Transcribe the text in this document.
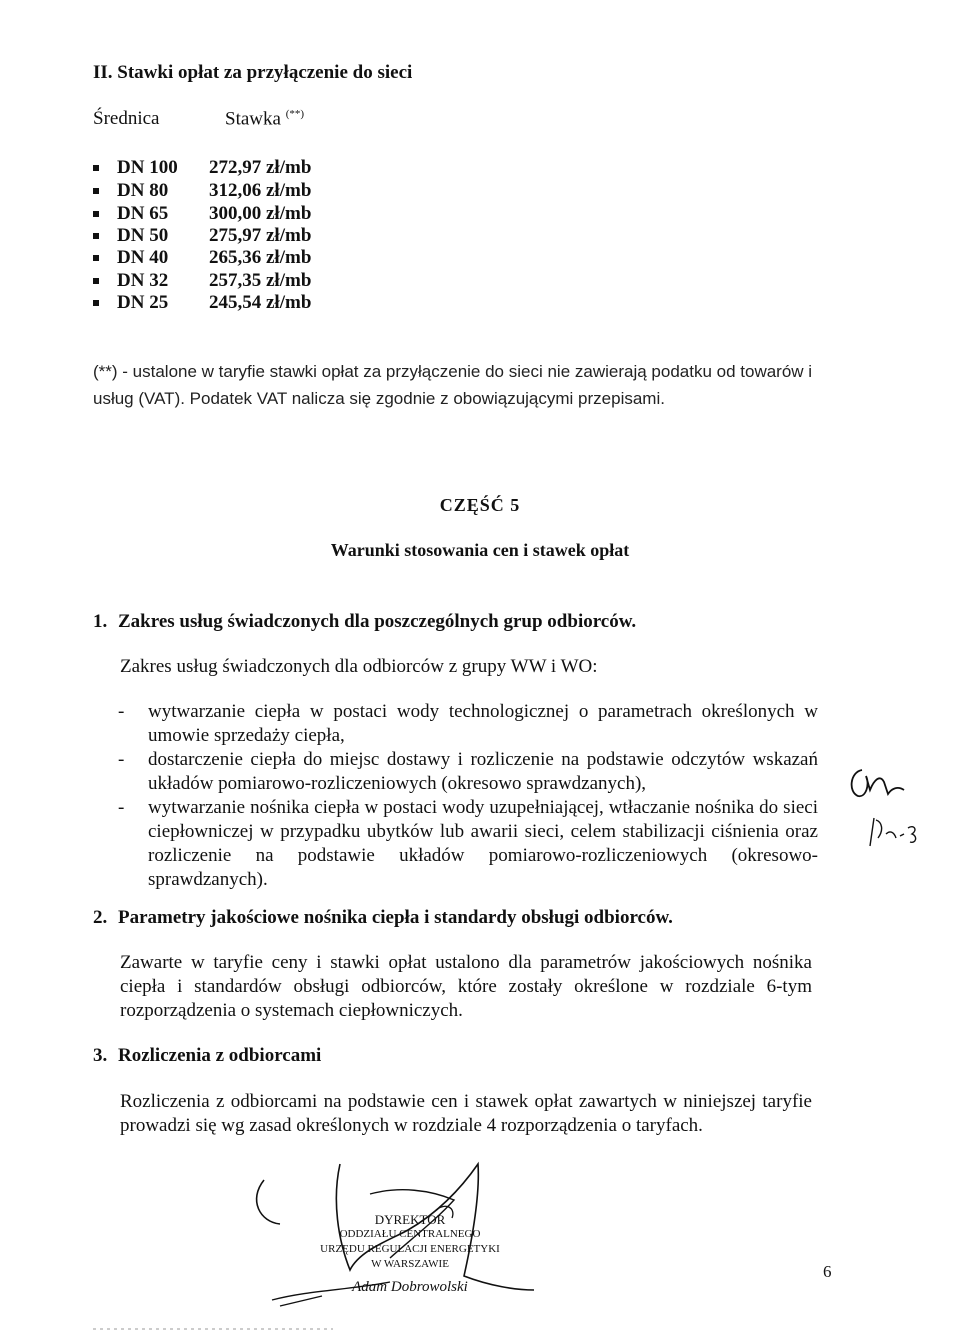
II. Stawki opłat za przyłączenie do sieci
Średnica	Stawka (**)
DN 100 272,97 zł/mb
DN 80 312,06 zł/mb
DN 65 300,00 zł/mb
DN 50 275,97 zł/mb
DN 40 265,36 zł/mb
DN 32 257,35 zł/mb
DN 25 245,54 zł/mb
(**) - ustalone w taryfie stawki opłat za przyłączenie do sieci nie zawierają podatku od towarów i usług (VAT). Podatek VAT nalicza się zgodnie z obowiązującymi przepisami.
CZĘŚĆ 5
Warunki stosowania cen i stawek opłat
1. Zakres usług świadczonych dla poszczególnych grup odbiorców.
Zakres usług świadczonych dla odbiorców z grupy WW i WO:
- wytwarzanie ciepła w postaci wody technologicznej o parametrach określonych w umowie sprzedaży ciepła,
- dostarczenie ciepła do miejsc dostawy i rozliczenie na podstawie odczytów wskazań układów pomiarowo-rozliczeniowych (okresowo sprawdzanych),
- wytwarzanie nośnika ciepła w postaci wody uzupełniającej, wtłaczanie nośnika do sieci ciepłowniczej w przypadku ubytków lub awarii sieci, celem stabilizacji ciśnienia oraz rozliczenie na podstawie układów pomiarowo-rozliczeniowych (okresowo-sprawdzanych).
2. Parametry jakościowe nośnika ciepła i standardy obsługi odbiorców.
Zawarte w taryfie ceny i stawki opłat ustalono dla parametrów jakościowych nośnika ciepła i standardów obsługi odbiorców, które zostały określone w rozdziale 6-tym rozporządzenia o systemach ciepłowniczych.
3. Rozliczenia z odbiorcami
Rozliczenia z odbiorcami na podstawie cen i stawek opłat zawartych w niniejszej taryfie prowadzi się wg zasad określonych w rozdziale 4 rozporządzenia o taryfach.
DYREKTOR
ODDZIAŁU CENTRALNEGO
URZĘDU REGULACJI ENERGETYKI
W WARSZAWIE
Adam Dobrowolski
6
